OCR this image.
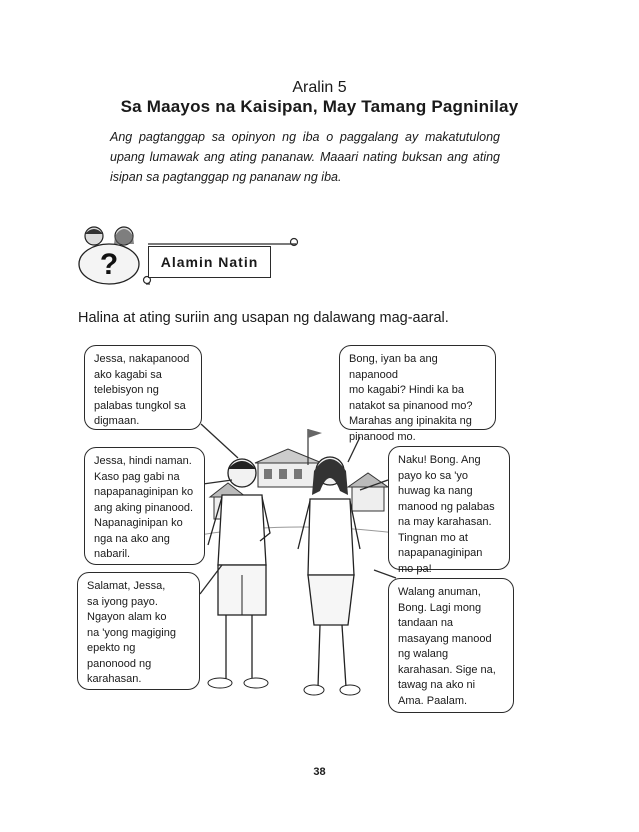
Aralin 5
Sa Maayos na Kaisipan, May Tamang Pagninilay
Ang pagtanggap sa opinyon ng iba o paggalang ay makatutulong upang lumawak ang ating pananaw. Maaari nating buksan ang ating isipan sa pagtanggap ng pananaw ng iba.
?	Alamin Natin
Halina at ating suriin ang usapan ng dalawang mag-aaral.
Jessa, nakapanood
ako kagabi sa
telebisyon ng
palabas tungkol sa
digmaan.
Jessa, hindi naman.
Kaso pag gabi na
napapanaginipan ko
ang aking pinanood.
Napanaginipan ko
nga na ako ang
nabaril.
Salamat, Jessa,
sa iyong payo.
Ngayon alam ko
na 'yong magiging
epekto ng
panonood ng
karahasan.
Bong, iyan ba ang napanood
mo kagabi? Hindi ka ba
natakot sa pinanood mo?
Marahas ang ipinakita ng
pinanood mo.
Naku! Bong. Ang
payo ko sa 'yo
huwag ka nang
manood ng palabas
na may karahasan.
Tingnan mo at
napapanaginipan
mo pa!
Walang anuman,
Bong. Lagi mong
tandaan na
masayang manood
ng walang
karahasan. Sige na,
tawag na ako ni
Ama. Paalam.
38
